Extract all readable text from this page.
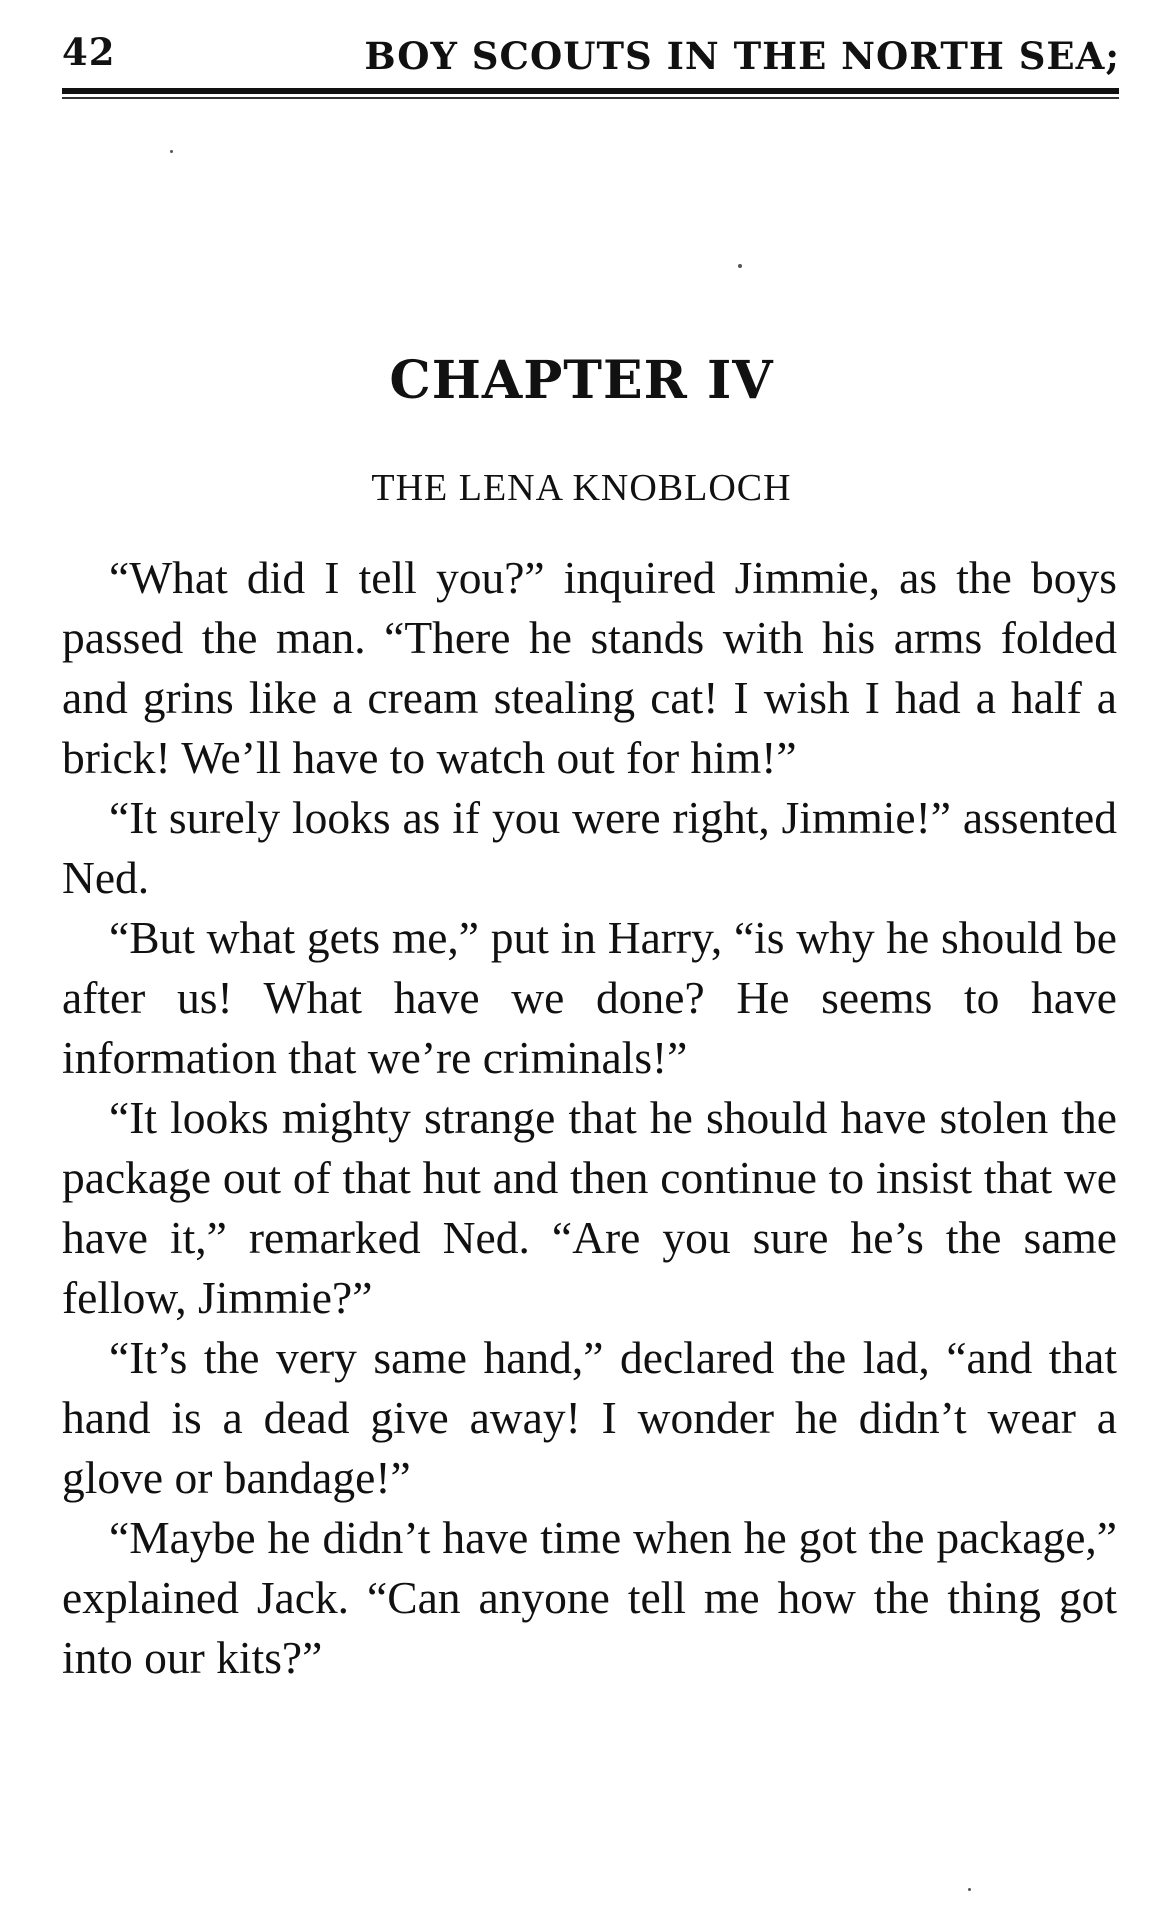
42	BOY SCOUTS IN THE NORTH SEA;
CHAPTER IV
THE LENA KNOBLOCH

“What did I tell you?” inquired Jimmie, as the boys passed the man. “There he stands with his arms folded and grins like a cream stealing cat! I wish I had a half a brick! We’ll have to watch out for him!”

“It surely looks as if you were right, Jimmie!” assented Ned.

“But what gets me,” put in Harry, “is why he should be after us! What have we done? He seems to have information that we’re criminals!”

“It looks mighty strange that he should have stolen the package out of that hut and then continue to insist that we have it,” remarked Ned. “Are you sure he’s the same fellow, Jimmie?”

“It’s the very same hand,” declared the lad, “and that hand is a dead give away! I wonder he didn’t wear a glove or bandage!”

“Maybe he didn’t have time when he got the package,” explained Jack. “Can anyone tell me how the thing got into our kits?”
